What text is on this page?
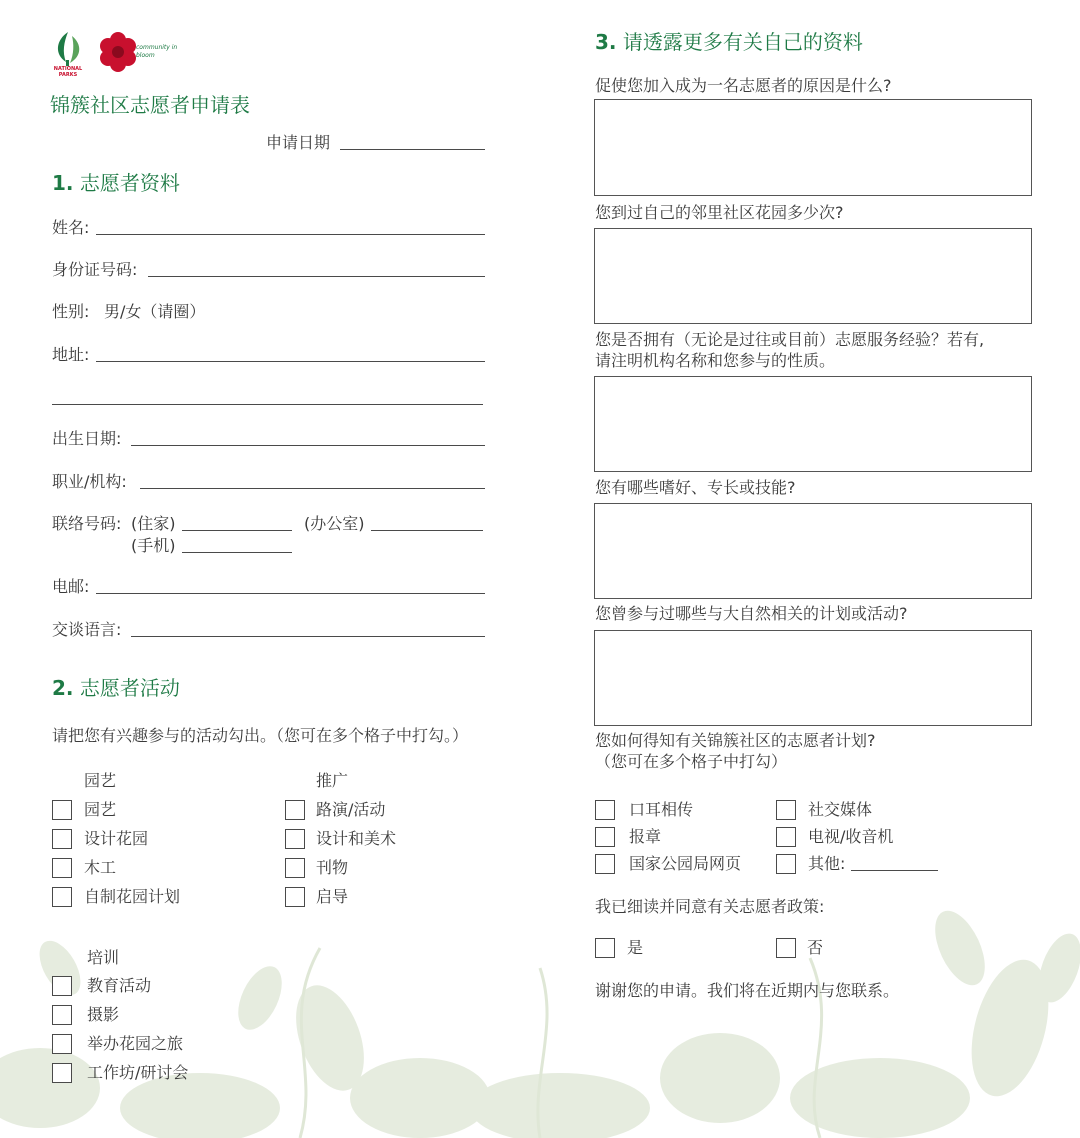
NATIONAL PARKS
community in bloom
锦簇社区志愿者申请表
申请日期
1. 志愿者资料
姓名:
身份证号码:
性别: 男/女（请圈）
地址:
出生日期:
职业/机构:
联络号码: (住家)	(办公室)
(手机)
电邮:
交谈语言:
2. 志愿者活动
请把您有兴趣参与的活动勾出。（您可在多个格子中打勾。）
园艺
园艺
设计花园
木工
自制花园计划
推广
路演/活动
设计和美术
刊物
启导
培训
教育活动
摄影
举办花园之旅
工作坊/研讨会
3. 请透露更多有关自己的资料
促使您加入成为一名志愿者的原因是什么?
您到过自己的邻里社区花园多少次?
您是否拥有（无论是过往或目前）志愿服务经验？若有,
请注明机构名称和您参与的性质。
您有哪些嗜好、专长或技能?
您曾参与过哪些与大自然相关的计划或活动?
您如何得知有关锦簇社区的志愿者计划?
（您可在多个格子中打勾）
口耳相传
报章
国家公园局网页
社交媒体
电视/收音机
其他:
我已细读并同意有关志愿者政策:
是	否
谢谢您的申请。我们将在近期内与您联系。
